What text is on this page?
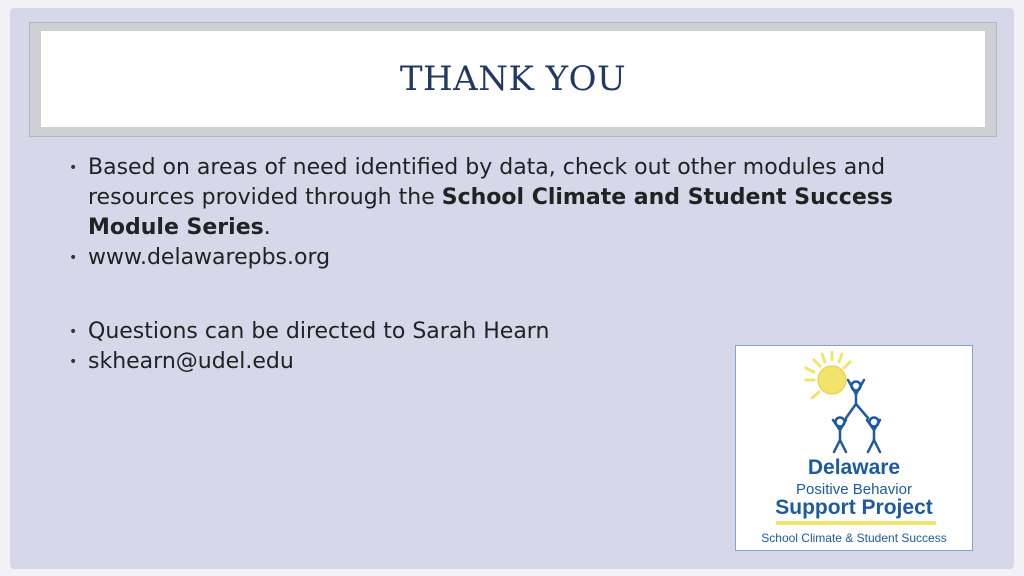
THANK YOU
• Based on areas of need identified by data, check out other modules and resources provided through the School Climate and Student Success Module Series.
• www.delawarepbs.org
• Questions can be directed to Sarah Hearn
• skhearn@udel.edu
Delaware
Positive Behavior
Support Project
School Climate & Student Success
